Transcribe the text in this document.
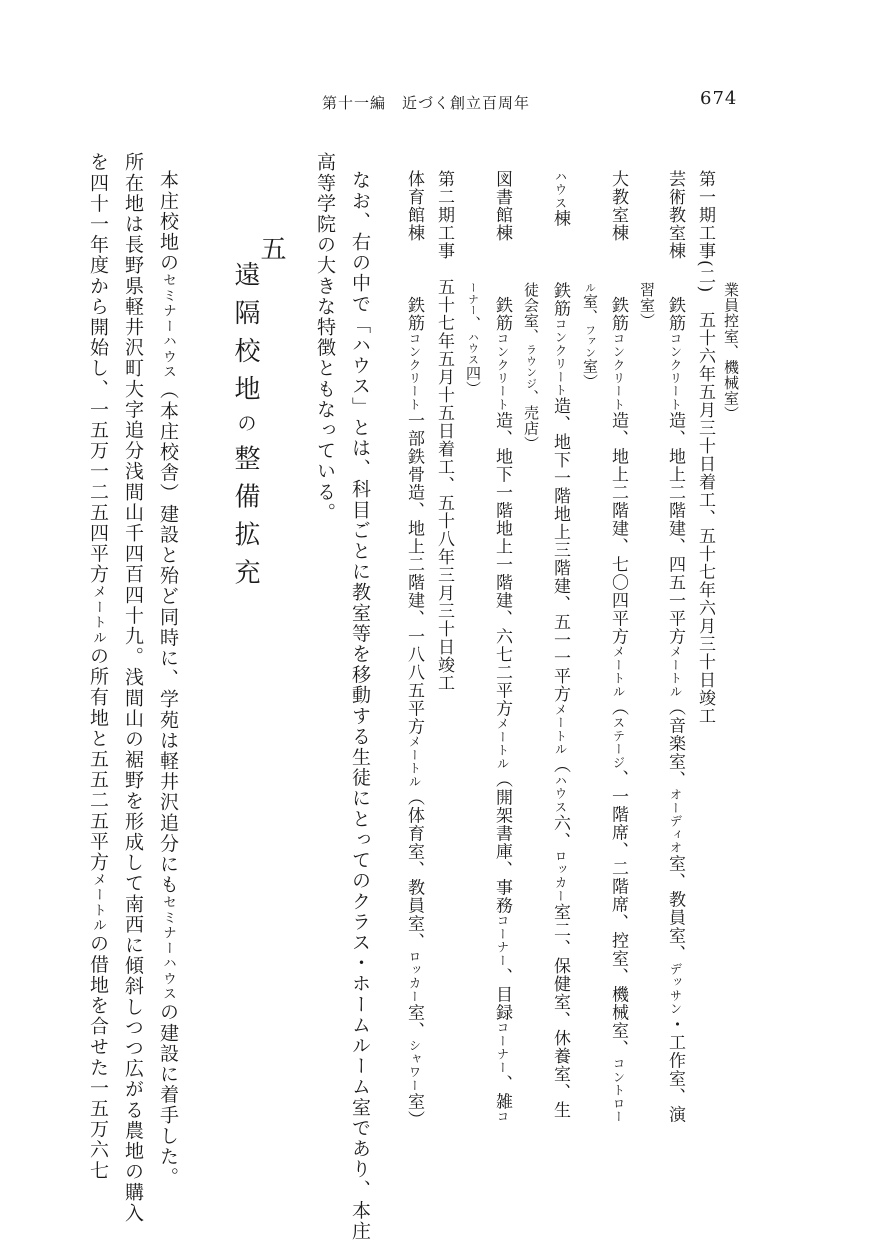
第十一編　近づく創立百周年	674
業員控室、機械室）
第一期工事(二)　五十六年五月三十日着工、五十七年六月三十日竣工
芸術教室棟　　鉄筋コンクリート造、地上二階建、四五一平方メートル（音楽室、オーディオ室、教員室、デッサン・工作室、演
習室）
大教室棟　　　鉄筋コンクリート造、地上二階建、七〇四平方メートル（ステージ、一階席、二階席、控室、機械室、コントロー
ル室、ファン室）
ハウス棟　　　鉄筋コンクリート造、地下一階地上三階建、五一一平方メートル（ハウス六、ロッカー室二、保健室、休養室、生
徒会室、ラウンジ、売店）
図書館棟　　　鉄筋コンクリート造、地下一階地上一階建、六七二平方メートル（開架書庫、事務コーナー、目録コーナー、雑コ
ーナー、ハウス四）
第二期工事　五十七年五月十五日着工、五十八年三月三十日竣工
体育館棟　　　鉄筋コンクリート一部鉄骨造、地上二階建、一八八五平方メートル（体育室、教員室、ロッカー室、シャワー室）
なお、右の中で「ハウス」とは、科目ごとに教室等を移動する生徒にとってのクラス・ホームルーム室であり、本庄
高等学院の大きな特徴ともなっている。
本庄校地のセミナーハウス（本庄校舎）建設と殆ど同時に、学苑は軽井沢追分にもセミナーハウスの建設に着手した。
所在地は長野県軽井沢町大字追分浅間山千四百四十九。浅間山の裾野を形成して南西に傾斜しつつ広がる農地の購入
を四十一年度から開始し、一五万一二五四平方メートルの所有地と五五二五平方メートルの借地を合せた一五万六七
五
遠隔校地の整備拡充
